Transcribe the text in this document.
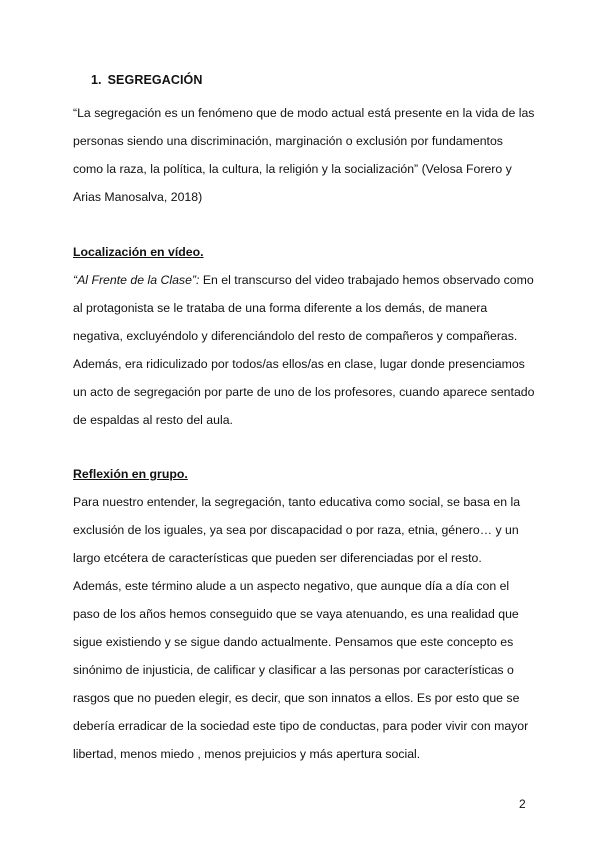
1. SEGREGACIÓN
“La segregación es un fenómeno que de modo actual está presente en la vida de las
personas siendo una discriminación, marginación o exclusión por fundamentos
como la raza, la política, la cultura, la religión y la socialización” (Velosa Forero y
Arias Manosalva, 2018)
Localización en vídeo.
“Al Frente de la Clase”: En el transcurso del video trabajado hemos observado como
al protagonista se le trataba de una forma diferente a los demás, de manera
negativa, excluyéndolo y diferenciándolo del resto de compañeros y compañeras.
Además, era ridiculizado por todos/as ellos/as en clase, lugar donde presenciamos
un acto de segregación por parte de uno de los profesores, cuando aparece sentado
de espaldas al resto del aula.
Reflexión en grupo.
Para nuestro entender, la segregación, tanto educativa como social, se basa en la
exclusión de los iguales, ya sea por discapacidad o por raza, etnia, género… y un
largo etcétera de características que pueden ser diferenciadas por el resto.
Además, este término alude a un aspecto negativo, que aunque día a día con el
paso de los años hemos conseguido que se vaya atenuando, es una realidad que
sigue existiendo y se sigue dando actualmente. Pensamos que este concepto es
sinónimo de injusticia, de calificar y clasificar a las personas por características o
rasgos que no pueden elegir, es decir, que son innatos a ellos. Es por esto que se
debería erradicar de la sociedad este tipo de conductas, para poder vivir con mayor
libertad, menos miedo , menos prejuicios y más apertura social.
2
